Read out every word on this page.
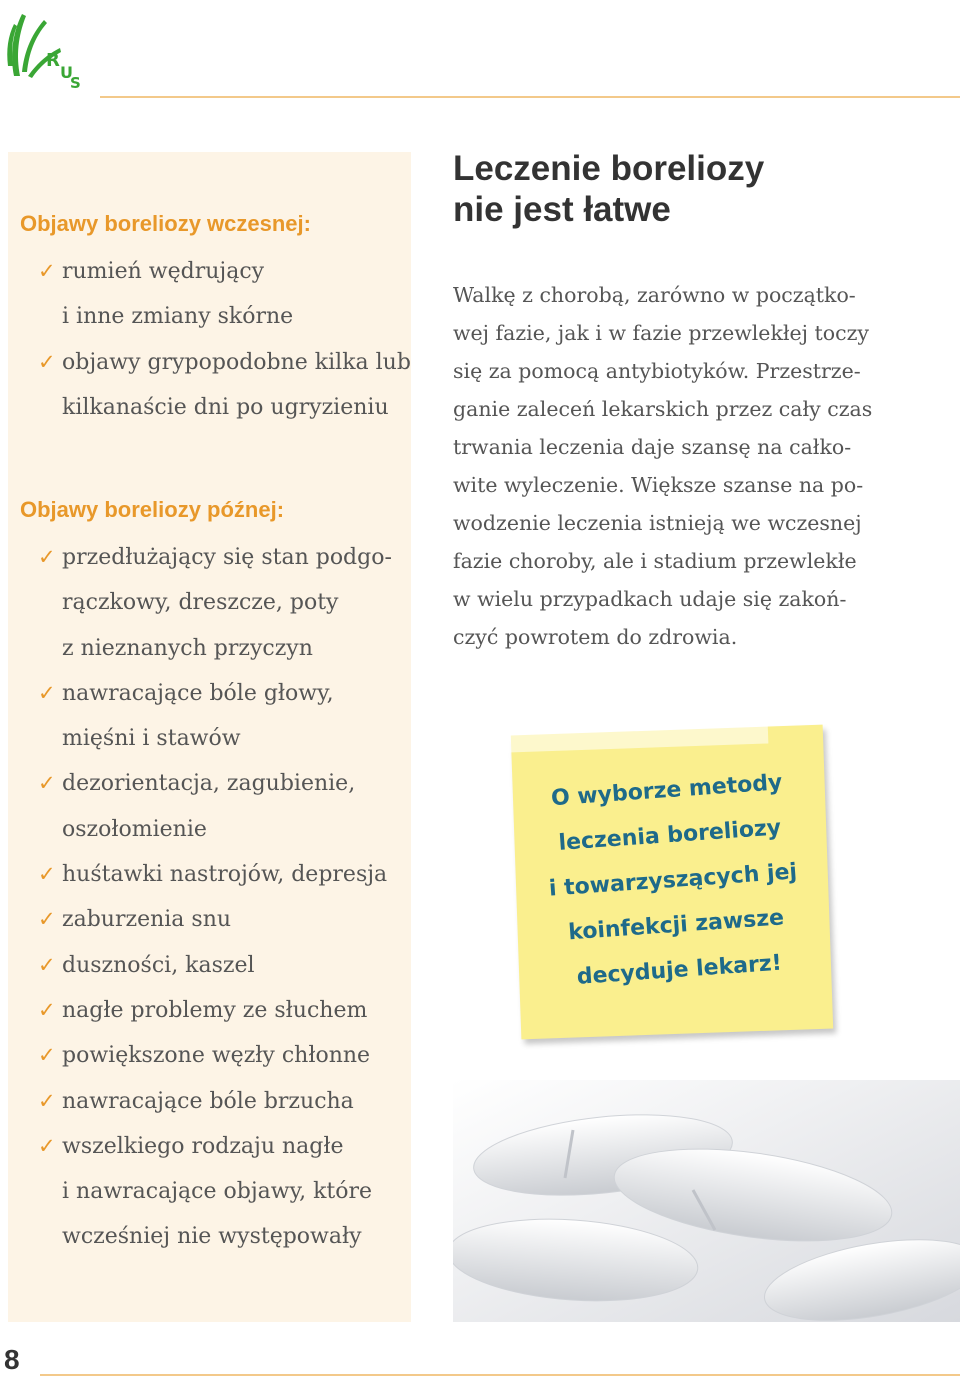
R
U
S
Objawy boreliozy wczesnej:
✓ rumień wędrujący
i inne zmiany skórne
✓ objawy grypopodobne kilka lub
kilkanaście dni po ugryzieniu
Objawy boreliozy późnej:
✓ przedłużający się stan podgo-
rączkowy, dreszcze, poty
z nieznanych przyczyn
✓ nawracające bóle głowy,
mięśni i stawów
✓ dezorientacja, zagubienie,
oszołomienie
✓ huśtawki nastrojów, depresja
✓ zaburzenia snu
✓ duszności, kaszel
✓ nagłe problemy ze słuchem
✓ powiększone węzły chłonne
✓ nawracające bóle brzucha
✓ wszelkiego rodzaju nagłe
i nawracające objawy, które
wcześniej nie występowały
Leczenie boreliozy
nie jest łatwe

Walkę z chorobą, zarówno w początko-
wej fazie, jak i w fazie przewlekłej toczy
się za pomocą antybiotyków. Przestrze-
ganie zaleceń lekarskich przez cały czas
trwania leczenia daje szansę na całko-
wite wyleczenie. Większe szanse na po-
wodzenie leczenia istnieją we wczesnej
fazie choroby, ale i stadium przewlekłe
w wielu przypadkach udaje się zakoń-
czyć powrotem do zdrowia.

O wyborze metody
leczenia boreliozy
i towarzyszących jej
koinfekcji zawsze
decyduje lekarz!
8
